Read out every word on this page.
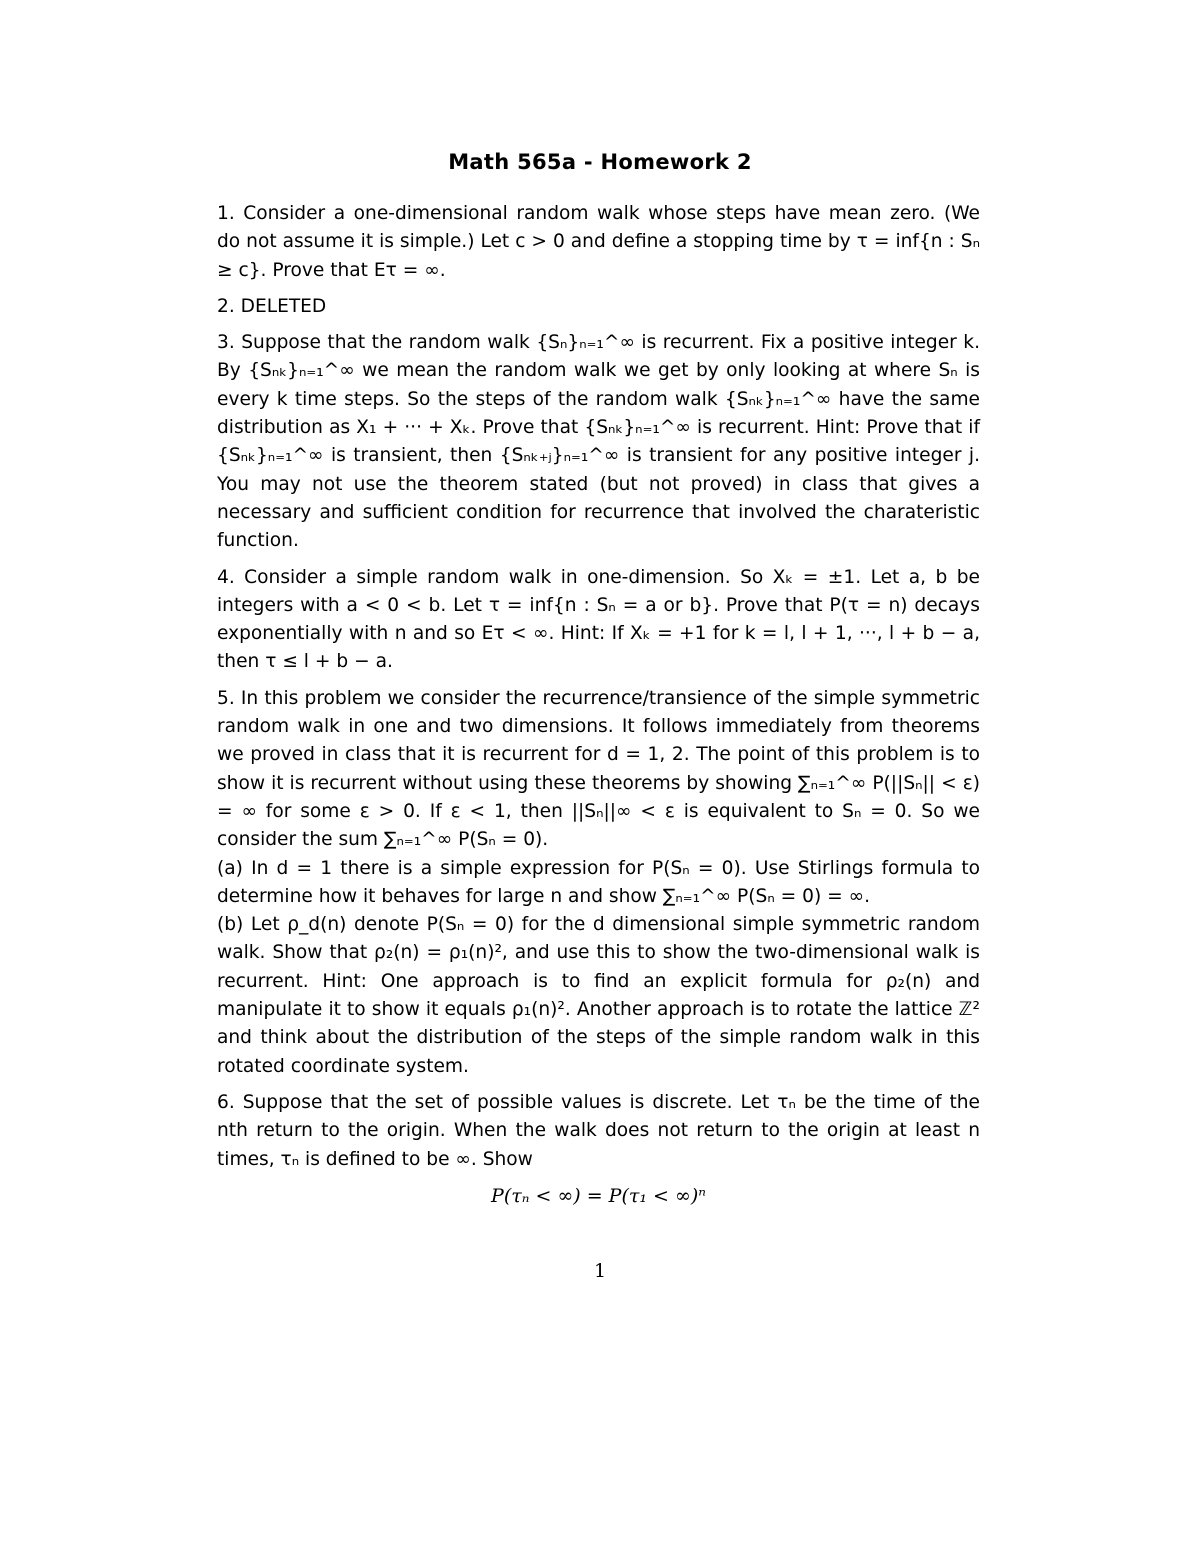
Math 565a - Homework 2

1. Consider a one-dimensional random walk whose steps have mean zero. (We do not assume it is simple.) Let c > 0 and define a stopping time by τ = inf{n : Sₙ ≥ c}. Prove that Eτ = ∞.

2. DELETED

3. Suppose that the random walk {Sₙ}ₙ₌₁^∞ is recurrent. Fix a positive integer k. By {Sₙₖ}ₙ₌₁^∞ we mean the random walk we get by only looking at where Sₙ is every k time steps. So the steps of the random walk {Sₙₖ}ₙ₌₁^∞ have the same distribution as X₁ + ··· + Xₖ. Prove that {Sₙₖ}ₙ₌₁^∞ is recurrent. Hint: Prove that if {Sₙₖ}ₙ₌₁^∞ is transient, then {Sₙₖ₊ⱼ}ₙ₌₁^∞ is transient for any positive integer j. You may not use the theorem stated (but not proved) in class that gives a necessary and sufficient condition for recurrence that involved the charateristic function.

4. Consider a simple random walk in one-dimension. So Xₖ = ±1. Let a, b be integers with a < 0 < b. Let τ = inf{n : Sₙ = a or b}. Prove that P(τ = n) decays exponentially with n and so Eτ < ∞. Hint: If Xₖ = +1 for k = l, l + 1, ···, l + b − a, then τ ≤ l + b − a.

5. In this problem we consider the recurrence/transience of the simple symmetric random walk in one and two dimensions. It follows immediately from theorems we proved in class that it is recurrent for d = 1, 2. The point of this problem is to show it is recurrent without using these theorems by showing ∑ₙ₌₁^∞ P(||Sₙ|| < ε) = ∞ for some ε > 0. If ε < 1, then ||Sₙ||∞ < ε is equivalent to Sₙ = 0. So we consider the sum ∑ₙ₌₁^∞ P(Sₙ = 0).

(a) In d = 1 there is a simple expression for P(Sₙ = 0). Use Stirlings formula to determine how it behaves for large n and show ∑ₙ₌₁^∞ P(Sₙ = 0) = ∞.

(b) Let ρ_d(n) denote P(Sₙ = 0) for the d dimensional simple symmetric random walk. Show that ρ₂(n) = ρ₁(n)², and use this to show the two-dimensional walk is recurrent. Hint: One approach is to find an explicit formula for ρ₂(n) and manipulate it to show it equals ρ₁(n)². Another approach is to rotate the lattice ℤ² and think about the distribution of the steps of the simple random walk in this rotated coordinate system.

6. Suppose that the set of possible values is discrete. Let τₙ be the time of the nth return to the origin. When the walk does not return to the origin at least n times, τₙ is defined to be ∞. Show

P(τₙ < ∞) = P(τ₁ < ∞)ⁿ
1
